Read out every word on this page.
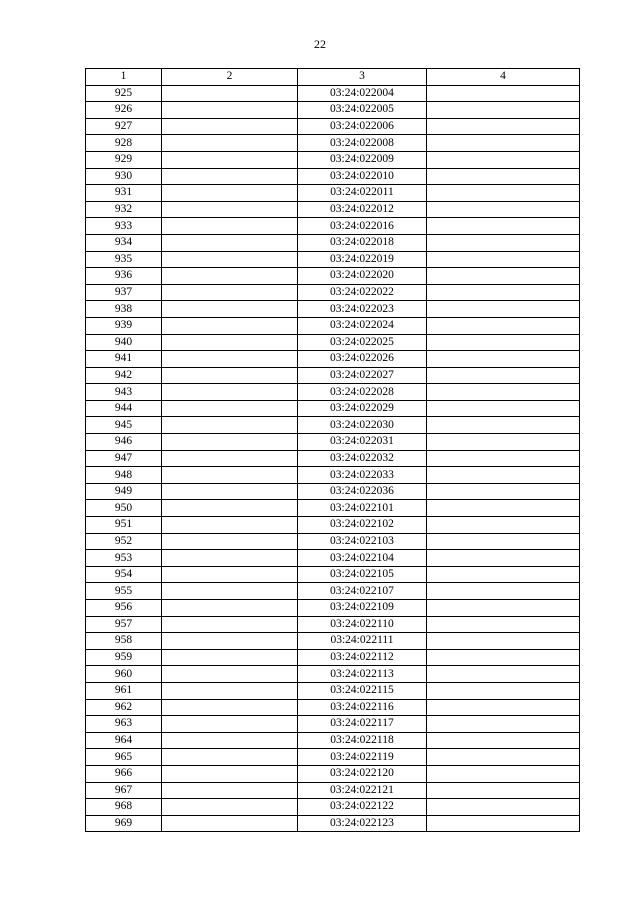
22
1	2	3	4
925		03:24:022004	
926		03:24:022005	
927		03:24:022006	
928		03:24:022008	
929		03:24:022009	
930		03:24:022010	
931		03:24:022011	
932		03:24:022012	
933		03:24:022016	
934		03:24:022018	
935		03:24:022019	
936		03:24:022020	
937		03:24:022022	
938		03:24:022023	
939		03:24:022024	
940		03:24:022025	
941		03:24:022026	
942		03:24:022027	
943		03:24:022028	
944		03:24:022029	
945		03:24:022030	
946		03:24:022031	
947		03:24:022032	
948		03:24:022033	
949		03:24:022036	
950		03:24:022101	
951		03:24:022102	
952		03:24:022103	
953		03:24:022104	
954		03:24:022105	
955		03:24:022107	
956		03:24:022109	
957		03:24:022110	
958		03:24:022111	
959		03:24:022112	
960		03:24:022113	
961		03:24:022115	
962		03:24:022116	
963		03:24:022117	
964		03:24:022118	
965		03:24:022119	
966		03:24:022120	
967		03:24:022121	
968		03:24:022122	
969		03:24:022123	
